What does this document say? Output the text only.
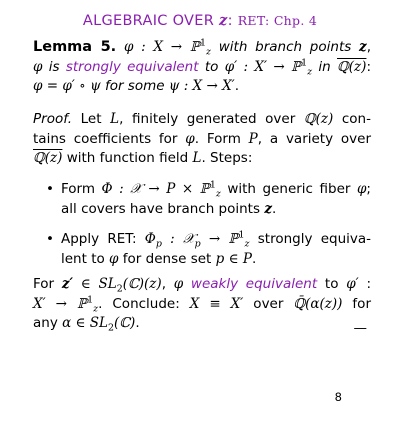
ALGEBRAIC OVER z: RET: Chp. 4
Lemma 5. φ : X → ℙ$^1_z$ with branch points z,
φ is strongly equivalent to φ′ : X′ → ℙ$^1_z$ in ℚ(z):
φ = φ′ ∘ ψ for some ψ : X → X′.
Proof. Let L, finitely generated over ℚ(z) con-
tains coefficients for φ. Form P, a variety over
ℚ(z) with function field L. Steps:
• Form Φ : 𝒳 → P × ℙ$^1_z$ with generic fiber φ;
all covers have branch points z.
• Apply RET: $\Phi_p$ : 𝒳$_p$ → ℙ$^1_z$ strongly equiva-
lent to φ for dense set p ∈ P.
For z′ ∈ $SL_2(ℂ)(z)$, φ weakly equivalent to φ′ :
X′ → ℙ$^1_z$. Conclude: X ≡ X′ over ℚ̄(α(z)) for
any α ∈ $SL_2(ℂ)$.	—
8
